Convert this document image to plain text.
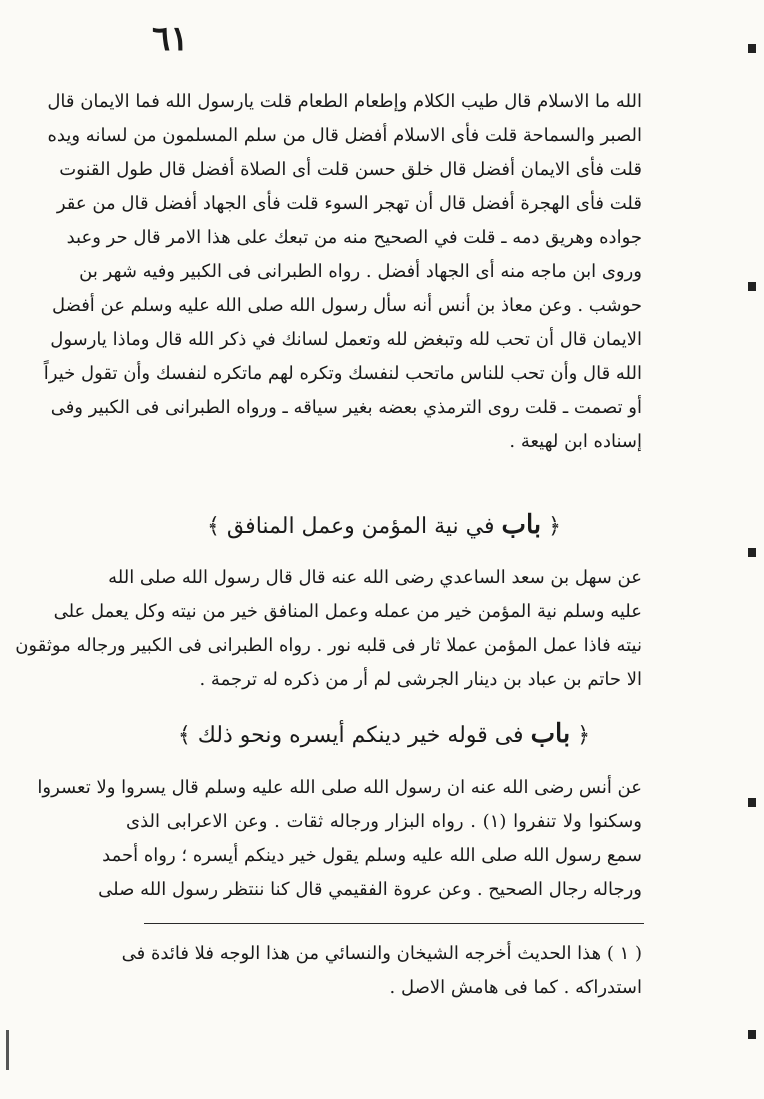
٦١
الله ما الاسلام قال طيب الكلام وإطعام الطعام قلت يارسول الله فما الايمان قال
الصبر والسماحة قلت فأى الاسلام أفضل قال من سلم المسلمون من لسانه ويده
قلت فأى الايمان أفضل قال خلق حسن قلت أى الصلاة أفضل قال طول القنوت
قلت فأى الهجرة أفضل قال أن تهجر السوء قلت فأى الجهاد أفضل قال من عقر
جواده وهريق دمه ـ قلت في الصحيح منه من تبعك على هذا الامر قال حر وعبد
وروى ابن ماجه منه أى الجهاد أفضل . رواه الطبرانى فى الكبير وفيه شهر بن
حوشب . وعن معاذ بن أنس أنه سأل رسول الله صلى الله عليه وسلم عن أفضل
الايمان قال أن تحب لله وتبغض لله وتعمل لسانك في ذكر الله قال وماذا يارسول
الله قال وأن تحب للناس ماتحب لنفسك وتكره لهم ماتكره لنفسك وأن تقول خيراً
أو تصمت ـ قلت روى الترمذي بعضه بغير سياقه ـ ورواه الطبرانى فى الكبير وفى
إسناده ابن لهيعة .
﴿ باب في نية المؤمن وعمل المنافق ﴾
عن سهل بن سعد الساعدي رضى الله عنه قال قال رسول الله صلى الله
عليه وسلم نية المؤمن خير من عمله وعمل المنافق خير من نيته وكل يعمل على
نيته فاذا عمل المؤمن عملا ثار فى قلبه نور . رواه الطبرانى فى الكبير ورجاله موثقون
الا حاتم بن عباد بن دينار الجرشى لم أر من ذكره له ترجمة .
﴿ باب فى قوله خير دينكم أيسره ونحو ذلك ﴾
عن أنس رضى الله عنه ان رسول الله صلى الله عليه وسلم قال يسروا ولا تعسروا
وسكنوا ولا تنفروا (١) . رواه البزار ورجاله ثقات . وعن الاعرابى الذى
سمع رسول الله صلى الله عليه وسلم يقول خير دينكم أيسره ؛ رواه أحمد
ورجاله رجال الصحيح . وعن عروة الفقيمي قال كنا ننتظر رسول الله صلى
( ١ ) هذا الحديث أخرجه الشيخان والنسائي من هذا الوجه فلا فائدة فى
استدراكه . كما فى هامش الاصل .
